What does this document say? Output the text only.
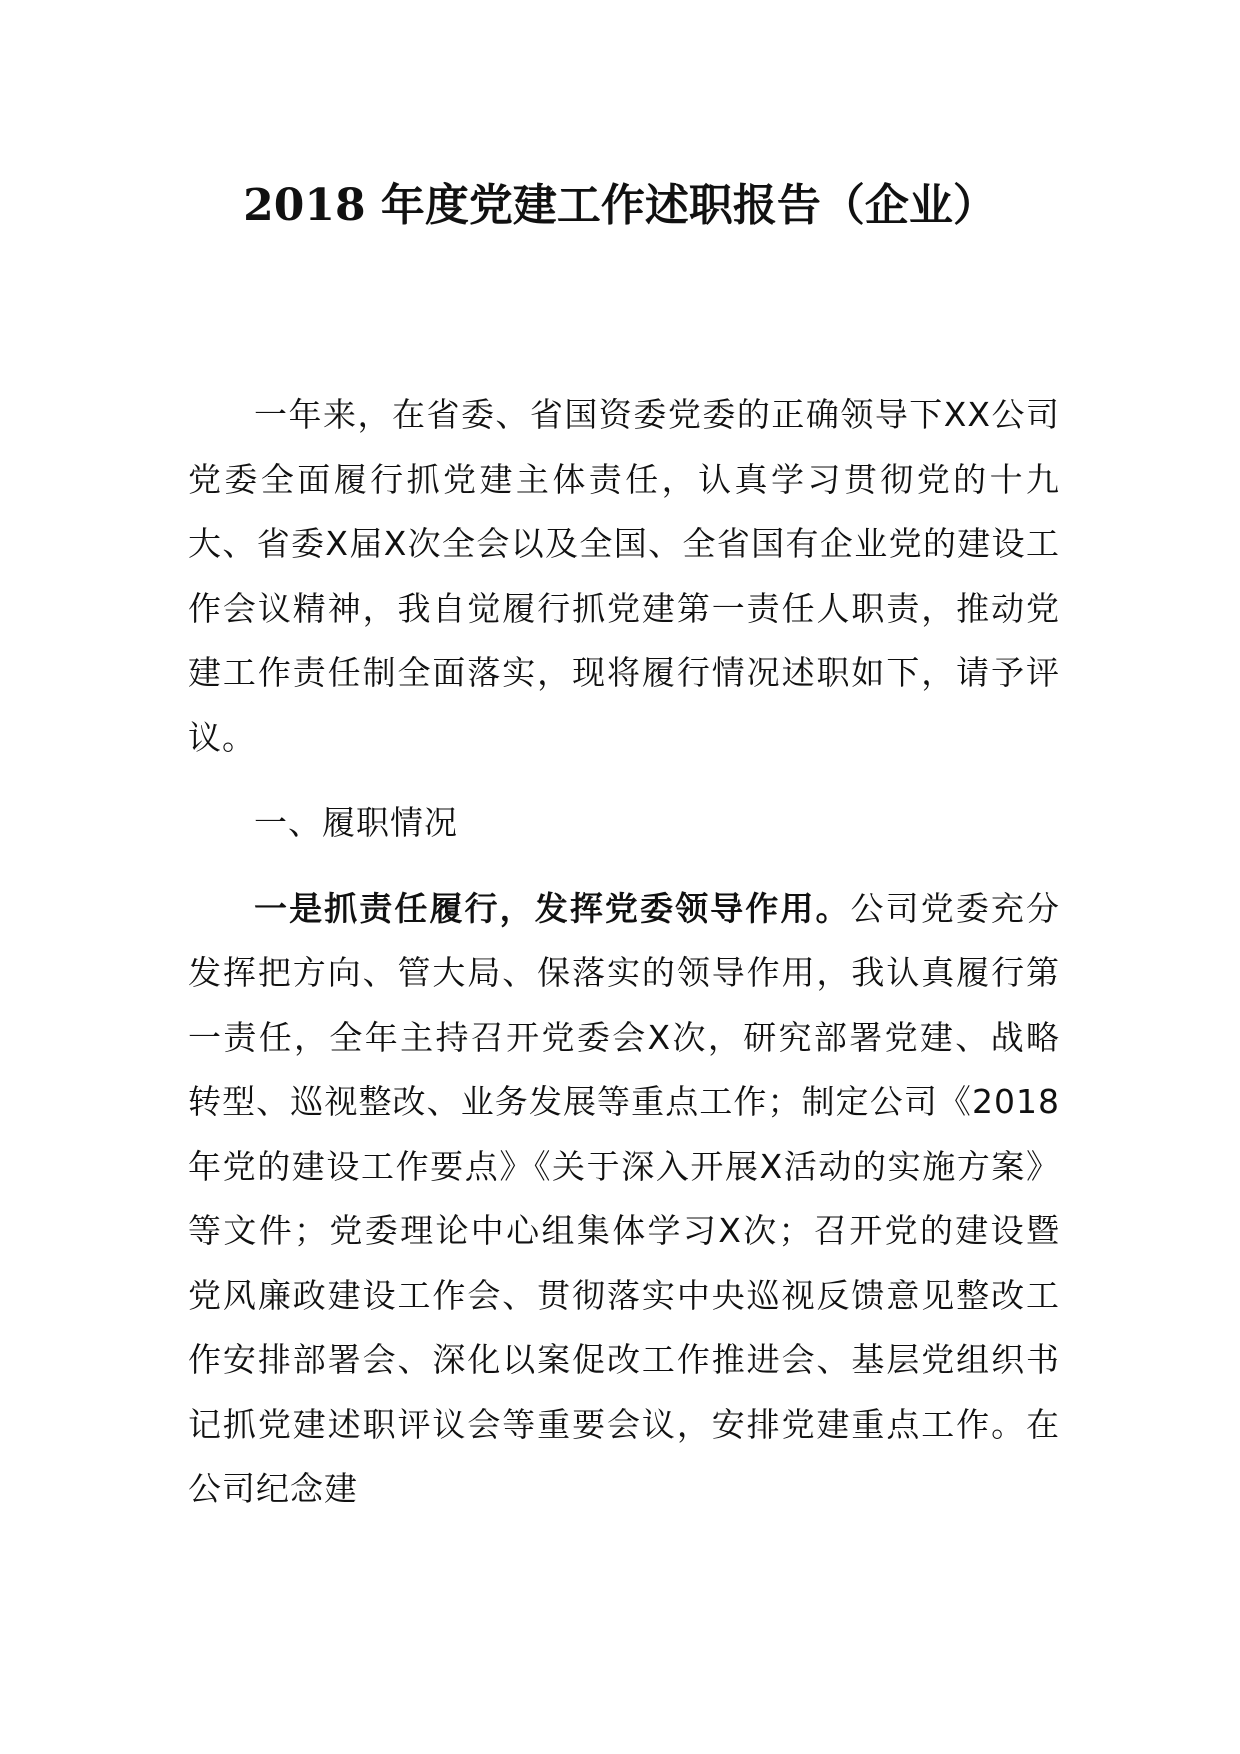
2018 年度党建工作述职报告（企业）

一年来，在省委、省国资委党委的正确领导下XX公司党委全面履行抓党建主体责任，认真学习贯彻党的十九大、省委X届X次全会以及全国、全省国有企业党的建设工作会议精神，我自觉履行抓党建第一责任人职责，推动党建工作责任制全面落实，现将履行情况述职如下，请予评议。

一、履职情况

一是抓责任履行，发挥党委领导作用。公司党委充分发挥把方向、管大局、保落实的领导作用，我认真履行第一责任，全年主持召开党委会X次，研究部署党建、战略转型、巡视整改、业务发展等重点工作；制定公司《2018年党的建设工作要点》《关于深入开展X活动的实施方案》等文件；党委理论中心组集体学习X次；召开党的建设暨党风廉政建设工作会、贯彻落实中央巡视反馈意见整改工作安排部署会、深化以案促改工作推进会、基层党组织书记抓党建述职评议会等重要会议，安排党建重点工作。在公司纪念建
